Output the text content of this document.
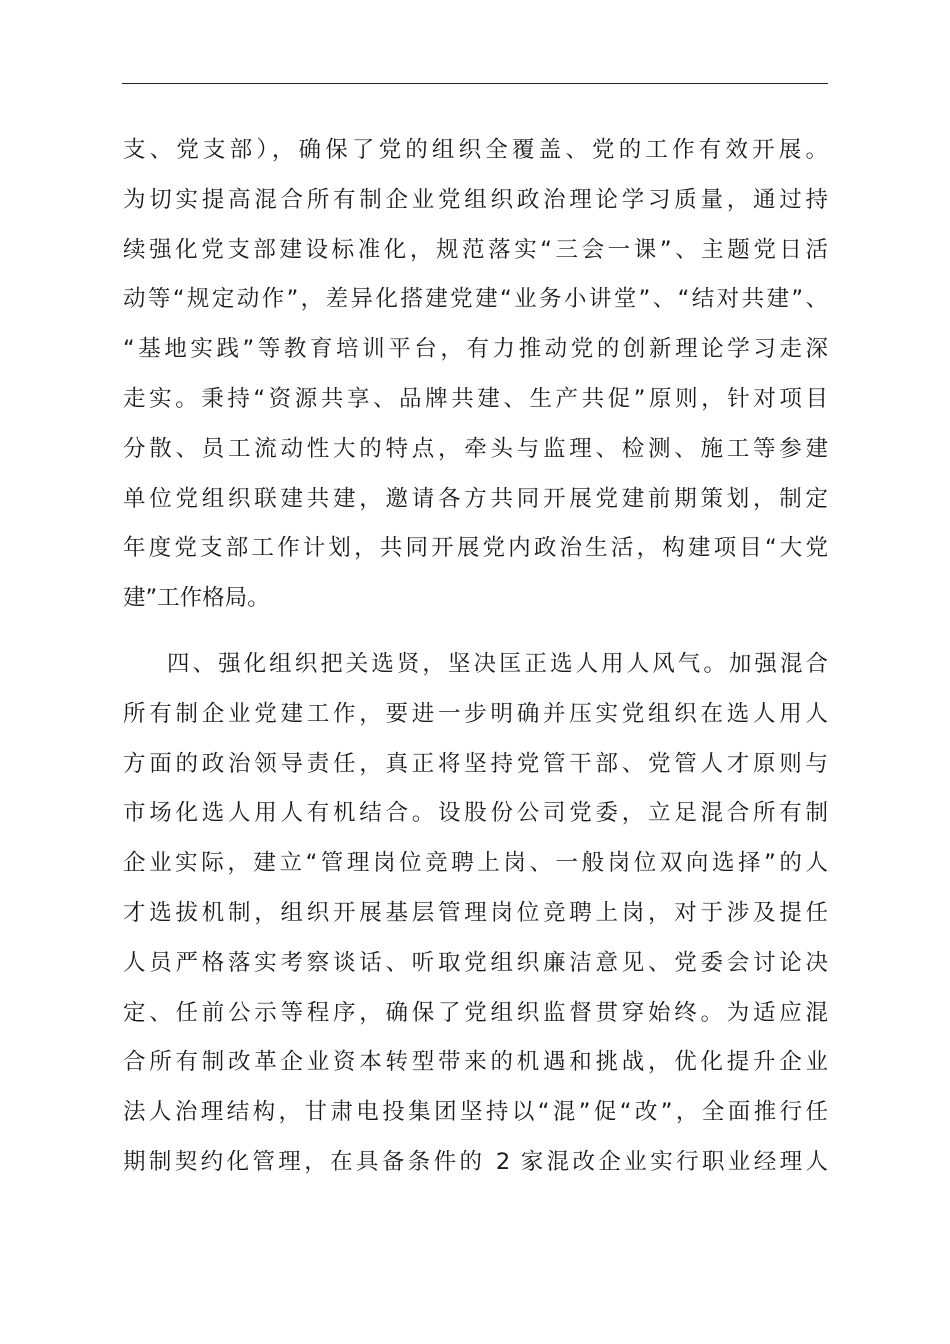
支、党支部），确保了党的组织全覆盖、党的工作有效开展。
为切实提高混合所有制企业党组织政治理论学习质量，通过持
续强化党支部建设标准化，规范落实“三会一课”、主题党日活
动等“规定动作”，差异化搭建党建“业务小讲堂”、“结对共建”、
“基地实践”等教育培训平台，有力推动党的创新理论学习走深
走实。秉持“资源共享、品牌共建、生产共促”原则，针对项目
分散、员工流动性大的特点，牵头与监理、检测、施工等参建
单位党组织联建共建，邀请各方共同开展党建前期策划，制定
年度党支部工作计划，共同开展党内政治生活，构建项目“大党
建”工作格局。
四、强化组织把关选贤，坚决匡正选人用人风气。加强混合
所有制企业党建工作，要进一步明确并压实党组织在选人用人
方面的政治领导责任，真正将坚持党管干部、党管人才原则与
市场化选人用人有机结合。设股份公司党委，立足混合所有制
企业实际，建立“管理岗位竞聘上岗、一般岗位双向选择”的人
才选拔机制，组织开展基层管理岗位竞聘上岗，对于涉及提任
人员严格落实考察谈话、听取党组织廉洁意见、党委会讨论决
定、任前公示等程序，确保了党组织监督贯穿始终。为适应混
合所有制改革企业资本转型带来的机遇和挑战，优化提升企业
法人治理结构，甘肃电投集团坚持以“混”促“改”，全面推行任
期制契约化管理，在具备条件的 2 家混改企业实行职业经理人
